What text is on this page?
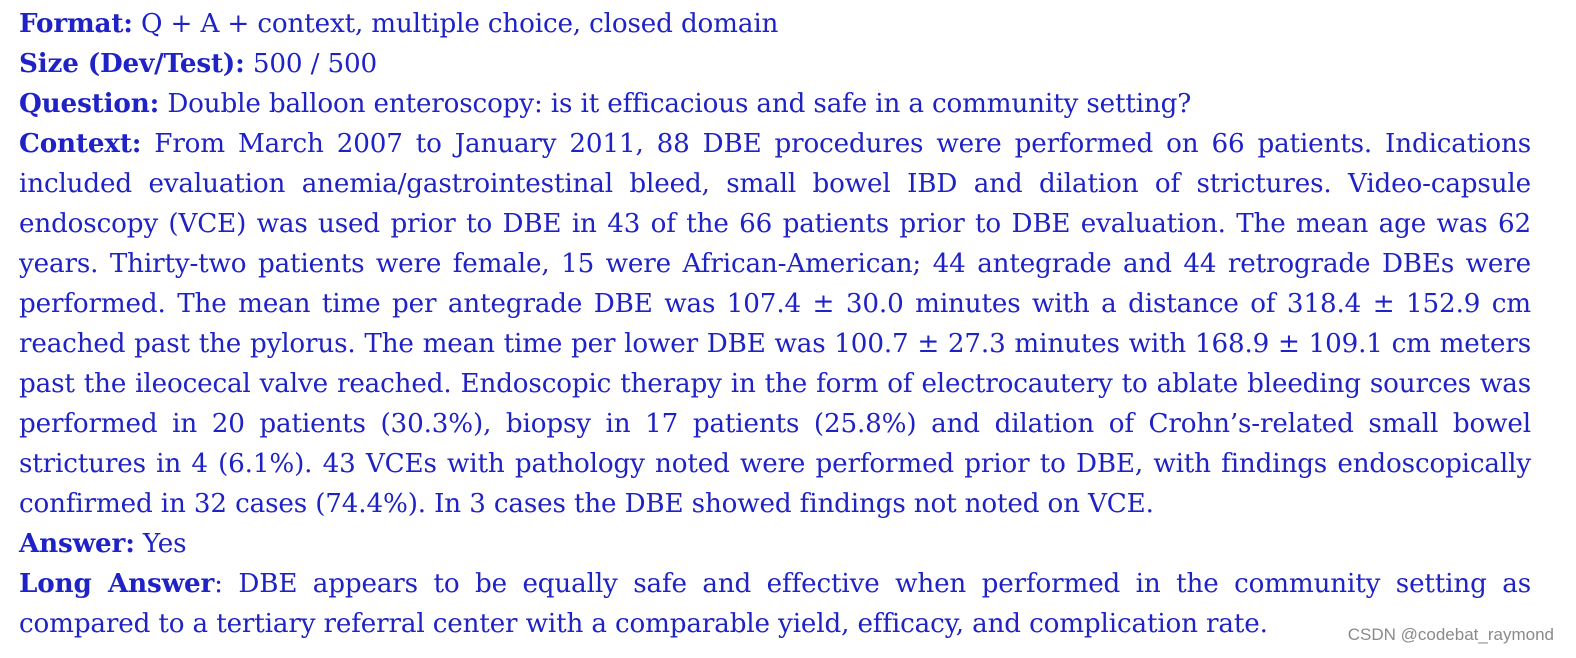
Format: Q + A + context, multiple choice, closed domain

Size (Dev/Test): 500 / 500

Question: Double balloon enteroscopy: is it efficacious and safe in a community setting?

Context: From March 2007 to January 2011, 88 DBE procedures were performed on 66 patients. Indications included evaluation anemia/gastrointestinal bleed, small bowel IBD and dilation of strictures. Video-capsule endoscopy (VCE) was used prior to DBE in 43 of the 66 patients prior to DBE evaluation. The mean age was 62 years. Thirty-two patients were female, 15 were African-American; 44 antegrade and 44 retrograde DBEs were performed. The mean time per antegrade DBE was 107.4 ± 30.0 minutes with a distance of 318.4 ± 152.9 cm reached past the pylorus. The mean time per lower DBE was 100.7 ± 27.3 minutes with 168.9 ± 109.1 cm meters past the ileocecal valve reached. Endoscopic therapy in the form of electrocautery to ablate bleeding sources was performed in 20 patients (30.3%), biopsy in 17 patients (25.8%) and dilation of Crohn’s-related small bowel strictures in 4 (6.1%). 43 VCEs with pathology noted were performed prior to DBE, with findings endoscopically confirmed in 32 cases (74.4%). In 3 cases the DBE showed findings not noted on VCE.

Answer: Yes

Long Answer: DBE appears to be equally safe and effective when performed in the community setting as compared to a tertiary referral center with a comparable yield, efficacy, and complication rate.	CSDN @codebat_raymond
